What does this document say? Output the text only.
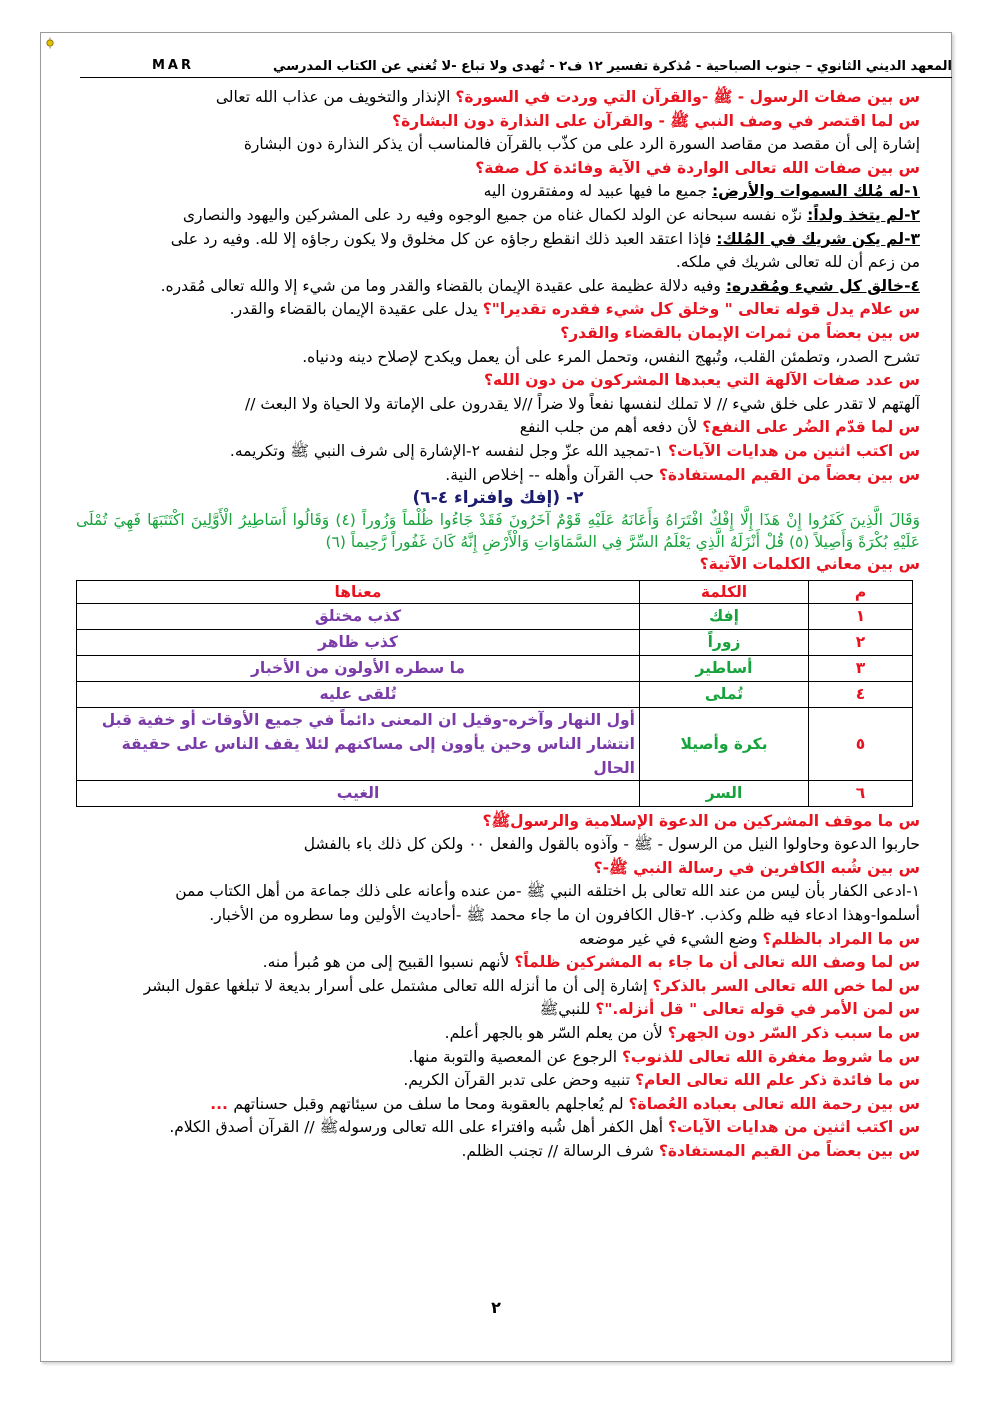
المعهد الديني الثانوي – جنوب الصباحية - مُذكرة تفسير ١٢ ف٢ - تُهدى ولا تباع -لا تُغني عن الكتاب المدرسي
MAR
س بين صفات الرسول - ﷺ -والقرآن التي وردت في السورة؟ الإنذار والتخويف من عذاب الله تعالى
س لما اقتصر في وصف النبي ﷺ - والقرآن على النذارة دون البشارة؟
إشارة إلى أن مقصد من مقاصد السورة الرد على من كذّب بالقرآن فالمناسب أن يذكر النذارة دون البشارة
س بين صفات الله تعالى الواردة في الآية وفائدة كل صفة؟
١-له مُلك السموات والأرض: جميع ما فيها عبيد له ومفتقرون اليه
٢-لم يتخذ ولداً: نزّه نفسه سبحانه عن الولد لكمال غناه من جميع الوجوه وفيه رد على المشركين واليهود والنصارى
٣-لم يكن شريك في المُلك: فإذا اعتقد العبد ذلك انقطع رجاؤه عن كل مخلوق ولا يكون رجاؤه إلا لله. وفيه رد على
من زعم أن لله تعالى شريك في ملكه.
٤-خالق كل شيء ومُقدره: وفيه دلالة عظيمة على عقيدة الإيمان بالقضاء والقدر وما من شيء إلا والله تعالى مُقدره.
س علام يدل قوله تعالى " وخلق كل شيء فقدره تقديرا"؟ يدل على عقيدة الإيمان بالقضاء والقدر.
س بين بعضاً من ثمرات الإيمان بالقضاء والقدر؟
تشرح الصدر، وتطمئن القلب، وتُبهج النفس، وتحمل المرء على أن يعمل ويكدح لإصلاح دينه ودنياه.
س عدد صفات الآلهة التي يعبدها المشركون من دون الله؟
آلهتهم لا تقدر على خلق شيء // لا تملك لنفسها نفعاً ولا ضراً //لا يقدرون على الإماتة ولا الحياة ولا البعث //
س لما قدّم الضُر على النفع؟ لأن دفعه أهم من جلب النفع
س اكتب اثنين من هدايات الآيات؟ ١-تمجيد الله عزّ وجل لنفسه ٢-الإشارة إلى شرف النبي ﷺ وتكريمه.
س بين بعضاً من القيم المستفادة؟ حب القرآن وأهله -- إخلاص النية.
٢- (إفك وافتراء ٤-٦)
وَقَالَ الَّذِينَ كَفَرُوا إِنْ هَذَا إِلَّا إِفْكٌ افْتَرَاهُ وَأَعَانَهُ عَلَيْهِ قَوْمٌ آخَرُونَ فَقَدْ جَاءُوا ظُلْماً وَزُوراً (٤) وَقَالُوا أَسَاطِيرُ الْأَوَّلِينَ اكْتَتَبَهَا فَهِيَ تُمْلَى عَلَيْهِ بُكْرَةً وَأَصِيلاً (٥) قُلْ أَنْزَلَهُ الَّذِي يَعْلَمُ السِّرَّ فِي السَّمَاوَاتِ وَالْأَرْضِ إِنَّهُ كَانَ غَفُوراً رَّحِيماً (٦)
س بين معاني الكلمات الآتية؟
م	الكلمة	معناها
١	إفك	كذب مختلق
٢	زوراً	كذب ظاهر
٣	أساطير	ما سطره الأولون من الأخبار
٤	تُملى	تُلقى عليه
٥	بكرة وأصيلا	أول النهار وآخره-وقيل ان المعنى دائماً في جميع الأوقات أو خفية قبل انتشار الناس وحين يأوون إلى مساكنهم لئلا يقف الناس على حقيقة الحال
٦	السر	الغيب
س ما موقف المشركين من الدعوة الإسلامية والرسولﷺ؟
حاربوا الدعوة وحاولوا النيل من الرسول - ﷺ - وآذوه بالقول والفعل ٠٠ ولكن كل ذلك باء بالفشل
س بين شُبه الكافرين في رسالة النبي ﷺ-؟
١-ادعى الكفار بأن ليس من عند الله تعالى بل اختلقه النبي ﷺ -من عنده وأعانه على ذلك جماعة من أهل الكتاب ممن
أسلموا-وهذا ادعاء فيه ظلم وكذب. ٢-قال الكافرون ان ما جاء محمد ﷺ -أحاديث الأولين وما سطروه من الأخبار.
س ما المراد بالظلم؟ وضع الشيء في غير موضعه
س لما وصف الله تعالى أن ما جاء به المشركين ظلماً؟ لأنهم نسبوا القبيح إلى من هو مُبرأ منه.
س لما خص الله تعالى السر بالذكر؟ إشارة إلى أن ما أنزله الله تعالى مشتمل على أسرار بديعة لا تبلغها عقول البشر
س لمن الأمر في قوله تعالى " قل أنزله."؟ للنبيﷺ
س ما سبب ذكر السّر دون الجهر؟ لأن من يعلم السّر هو بالجهر أعلم.
س ما شروط مغفرة الله تعالى للذنوب؟ الرجوع عن المعصية والتوبة منها.
س ما فائدة ذكر علم الله تعالى العام؟ تنبيه وحض على تدبر القرآن الكريم.
س بين رحمة الله تعالى بعباده العُصاة؟ لم يُعاجلهم بالعقوبة ومحا ما سلف من سيئاتهم وقبل حسناتهم ...
س اكتب اثنين من هدايات الآيات؟ أهل الكفر أهل شُبه وافتراء على الله تعالى ورسولهﷺ // القرآن أصدق الكلام.
س بين بعضاً من القيم المستفادة؟ شرف الرسالة // تجنب الظلم.
٢
